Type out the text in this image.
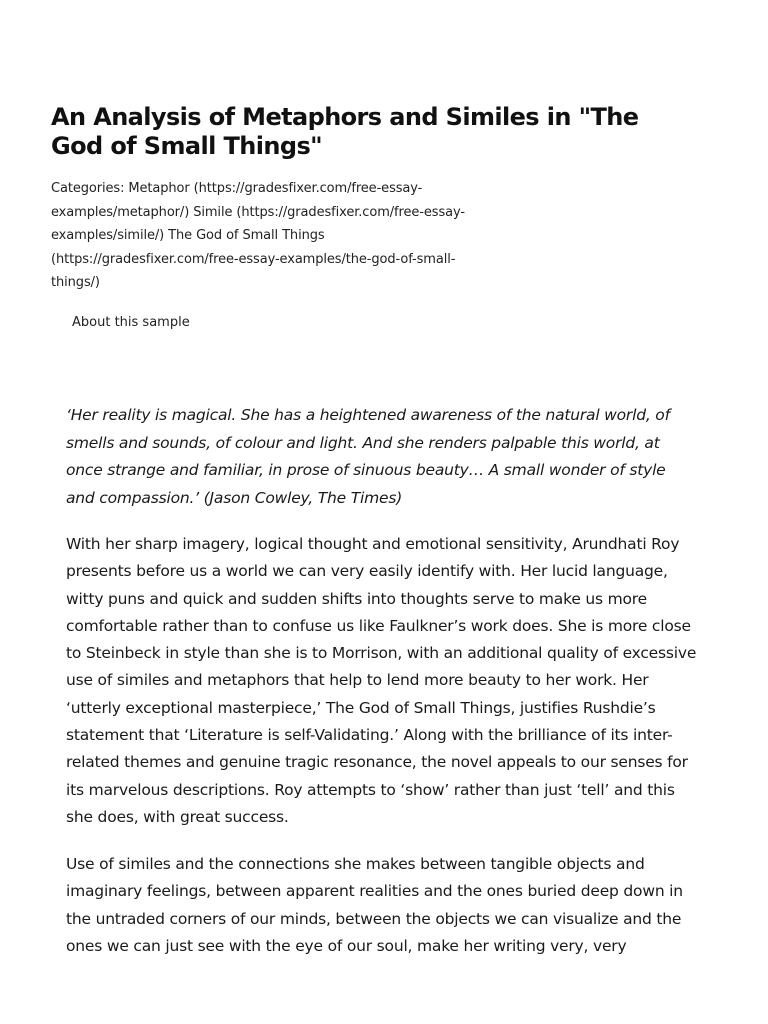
An Analysis of Metaphors and Similes in "The
God of Small Things"
Categories: Metaphor (https://gradesfixer.com/free-essay-
examples/metaphor/) Simile (https://gradesfixer.com/free-essay-
examples/simile/) The God of Small Things
(https://gradesfixer.com/free-essay-examples/the-god-of-small-
things/)
About this sample
‘Her reality is magical. She has a heightened awareness of the natural world, of
smells and sounds, of colour and light. And she renders palpable this world, at
once strange and familiar, in prose of sinuous beauty… A small wonder of style
and compassion.’ (Jason Cowley, The Times)
With her sharp imagery, logical thought and emotional sensitivity, Arundhati Roy
presents before us a world we can very easily identify with. Her lucid language,
witty puns and quick and sudden shifts into thoughts serve to make us more
comfortable rather than to confuse us like Faulkner’s work does. She is more close
to Steinbeck in style than she is to Morrison, with an additional quality of excessive
use of similes and metaphors that help to lend more beauty to her work. Her
‘utterly exceptional masterpiece,’ The God of Small Things, justifies Rushdie’s
statement that ‘Literature is self-Validating.’ Along with the brilliance of its inter-
related themes and genuine tragic resonance, the novel appeals to our senses for
its marvelous descriptions. Roy attempts to ‘show’ rather than just ‘tell’ and this
she does, with great success.
Use of similes and the connections she makes between tangible objects and
imaginary feelings, between apparent realities and the ones buried deep down in
the untraded corners of our minds, between the objects we can visualize and the
ones we can just see with the eye of our soul, make her writing very, very
